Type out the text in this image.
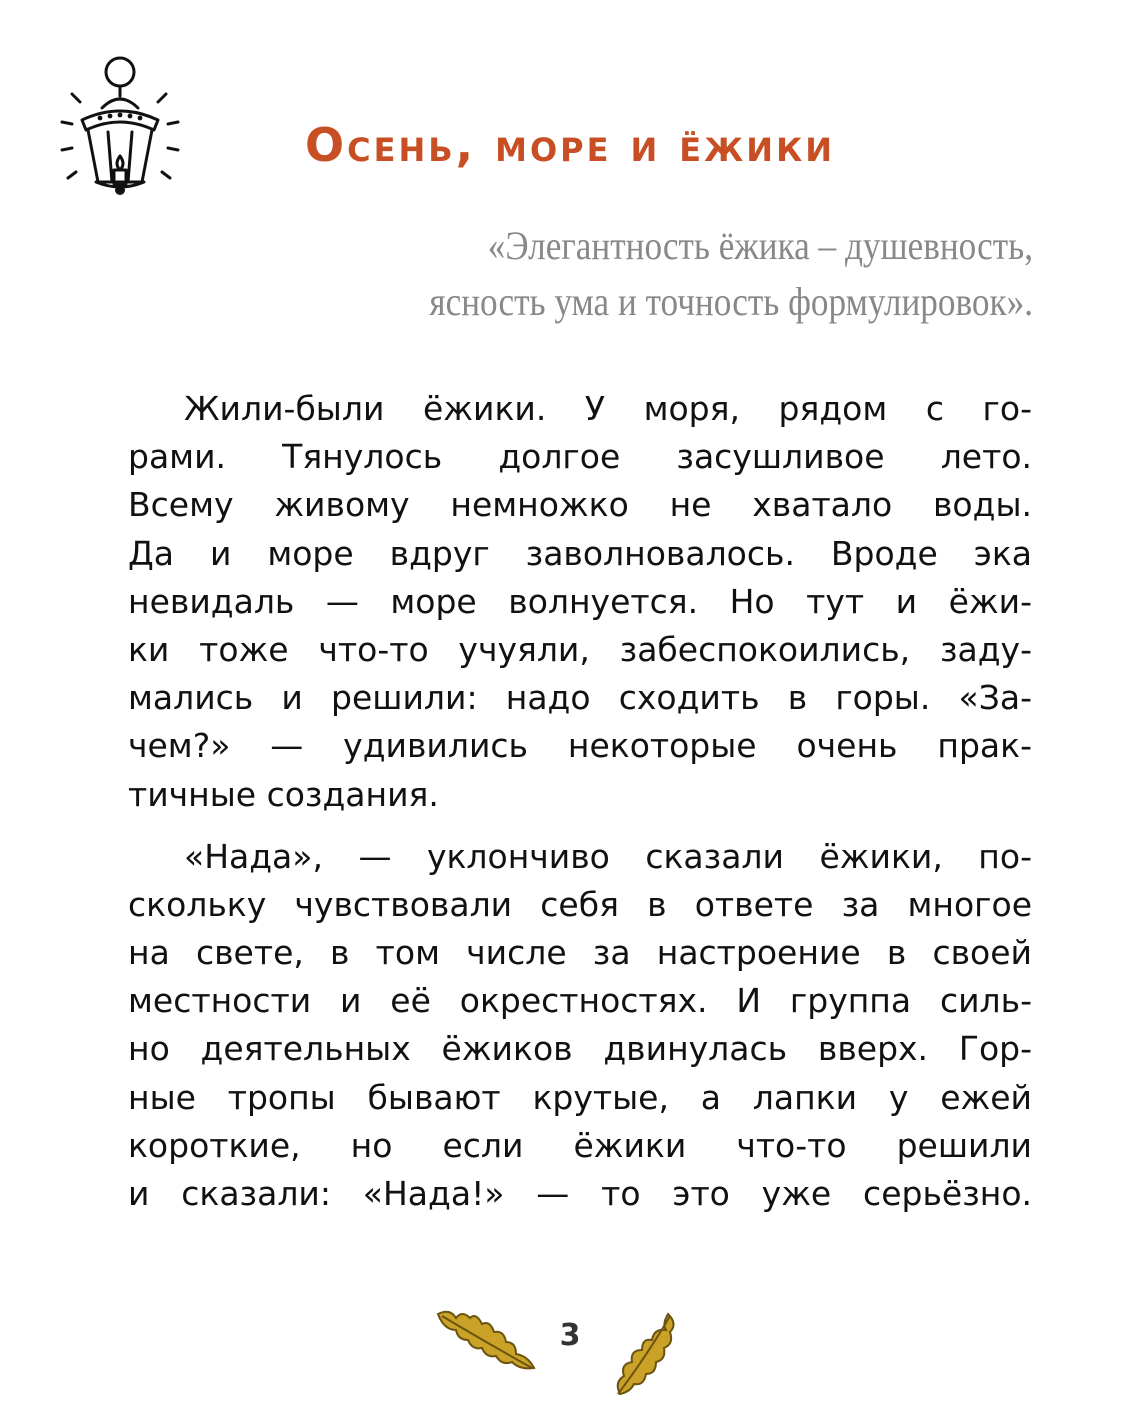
Осень, море и ёжики
«Элегантность ёжика – душевность,
ясность ума и точность формулировок».
Жили-были ёжики. У моря, рядом с го-
рами. Тянулось долгое засушливое лето.
Всему живому немножко не хватало воды.
Да и море вдруг заволновалось. Вроде эка
невидаль — море волнуется. Но тут и ёжи-
ки тоже что-то учуяли, забеспокоились, заду-
мались и решили: надо сходить в горы. «За-
чем?» — удивились некоторые очень прак-
тичные создания.
«Нада», — уклончиво сказали ёжики, по-
скольку чувствовали себя в ответе за многое
на свете, в том числе за настроение в своей
местности и её окрестностях. И группа силь-
но деятельных ёжиков двинулась вверх. Гор-
ные тропы бывают крутые, а лапки у ежей
короткие, но если ёжики что-то решили
и сказали: «Нада!» — то это уже серьёзно.
3
